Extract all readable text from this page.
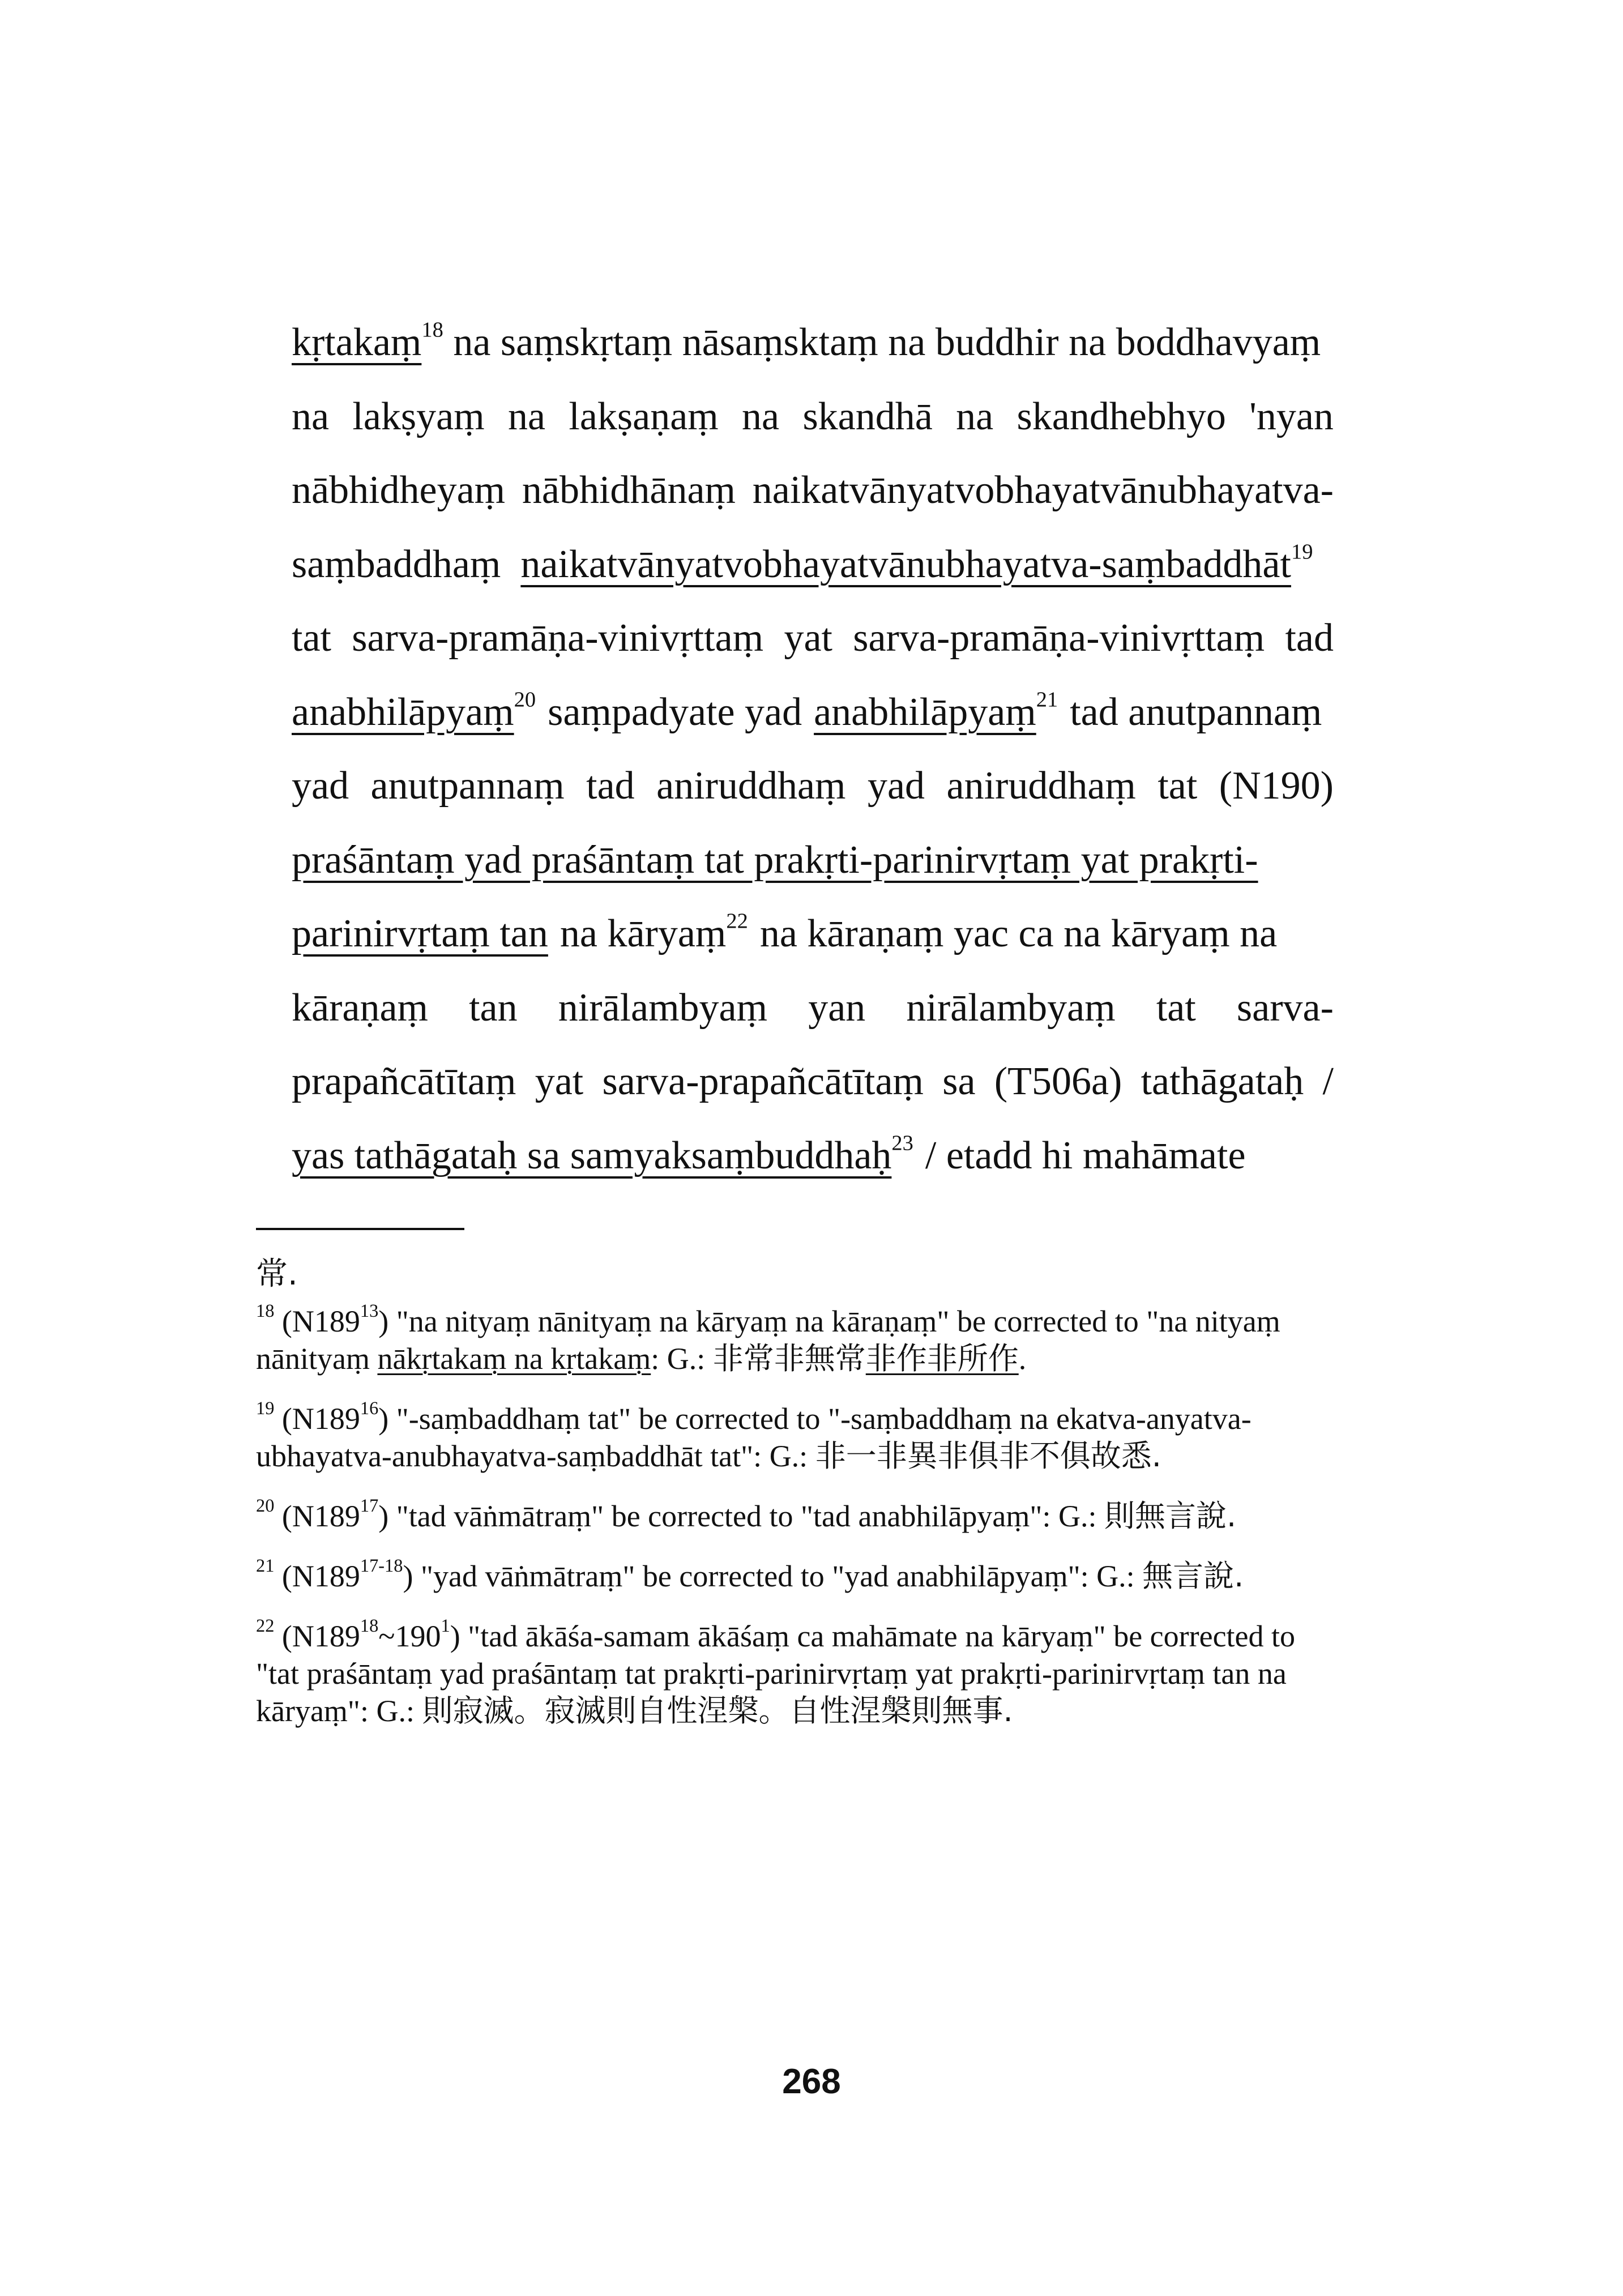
kṛtakaṃ$^{18}$ na saṃskṛtaṃ nāsaṃsktaṃ na buddhir na boddhavyaṃ
na lakṣyaṃ na lakṣaṇaṃ na skandhā na skandhebhyo 'nyan
nābhidheyaṃ nābhidhānaṃ naikatvānyatvobhayatvānubhayatva-
saṃbaddhaṃ naikatvānyatvobhayatvānubhayatva-saṃbaddhāt$^{19}$
tat sarva-pramāṇa-vinivṛttaṃ yat sarva-pramāṇa-vinivṛttaṃ tad
anabhilāpyaṃ$^{20}$ saṃpadyate yad anabhilāpyaṃ$^{21}$ tad anutpannaṃ
yad anutpannaṃ tad aniruddhaṃ yad aniruddhaṃ tat (N190)
praśāntaṃ yad praśāntaṃ tat prakṛti-parinirvṛtaṃ yat prakṛti-
parinirvṛtaṃ tan na kāryaṃ$^{22}$ na kāraṇaṃ yac ca na kāryaṃ na
kāraṇaṃ tan nirālambyaṃ yan nirālambyaṃ tat sarva-
prapañcātītaṃ yat sarva-prapañcātītaṃ sa (T506a) tathāgataḥ /
yas tathāgataḥ sa samyaksaṃbuddhaḥ$^{23}$ / etadd hi mahāmate
常.
$^{18}$ $(N189^{13})$ "na nityaṃ nānityaṃ na kāryaṃ na kāraṇaṃ" be corrected to "na nityaṃ nānityaṃ nākṛtakaṃ na kṛtakaṃ: G.: 非常非無常非作非所作.
$^{19}$ $(N189^{16})$ "-saṃbaddhaṃ tat" be corrected to "-saṃbaddhaṃ na ekatva-anyatva-ubhayatva-anubhayatva-saṃbaddhāt tat": G.: 非一非異非俱非不俱故悉.
$^{20}$ $(N189^{17})$ "tad vāṅmātraṃ" be corrected to "tad anabhilāpyaṃ": G.: 則無言說.
$^{21}$ (N189$^{17-18}$) "yad vāṅmātraṃ" be corrected to "yad anabhilāpyaṃ": G.: 無言說.
$^{22}$ $(N189^{18}\sim 190^1)$ "tad ākāśa-samam ākāśaṃ ca mahāmate na kāryaṃ" be corrected to "tat praśāntaṃ yad praśāntaṃ tat prakṛti-parinirvṛtaṃ yat prakṛti-parinirvṛtaṃ tan na kāryaṃ": G.: 則寂滅。寂滅則自性涅槃。自性涅槃則無事.
268
